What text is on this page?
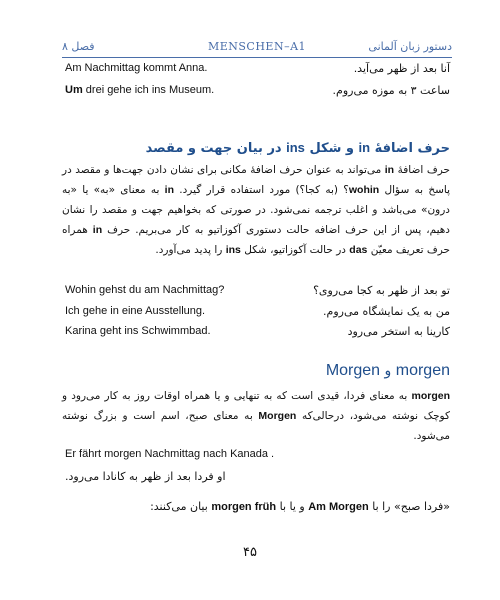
فصل ۸	MENSCHEN–A1	دستور زبان آلمانی
Am Nachmittag kommt Anna.	آنا بعد از ظهر می‌آید.
Um drei gehe ich ins Museum.	ساعت ۳ به موزه می‌روم.
حرف اضافهٔ in و شکل ins در بیان جهت و مقصد
حرف اضافهٔ in می‌تواند به عنوان حرف اضافهٔ مکانی برای نشان دادن جهت‌ها و مقصد در پاسخ به سؤال wohin؟ (به کجا؟) مورد استفاده قرار گیرد. in به معنای «به» یا «به درون» می‌باشد و اغلب ترجمه نمی‌شود. در صورتی که بخواهیم جهت و مقصد را نشان دهیم، پس از این حرف اضافه حالت دستوری آکوزاتیو به کار می‌بریم. حرف in همراه حرف تعریف معیّن das در حالت آکوزاتیو، شکل ins را پدید می‌آورد.
Wohin gehst du am Nachmittag?	تو بعد از ظهر به کجا می‌روی؟
Ich gehe in eine Ausstellung.	من به یک نمایشگاه می‌روم.
Karina geht ins Schwimmbad.	کارینا به استخر می‌رود
morgen و Morgen
morgen به معنای فردا، قیدی است که به تنهایی و یا همراه اوقات روز به کار می‌رود و کوچک نوشته می‌شود، درحالی‌که Morgen به معنای صبح، اسم است و بزرگ نوشته می‌شود.
Er fährt morgen Nachmittag nach Kanada .
او فردا بعد از ظهر به کانادا می‌رود.
«فردا صبح» را با Am Morgen و یا با morgen früh بیان می‌کنند:
۴۵
